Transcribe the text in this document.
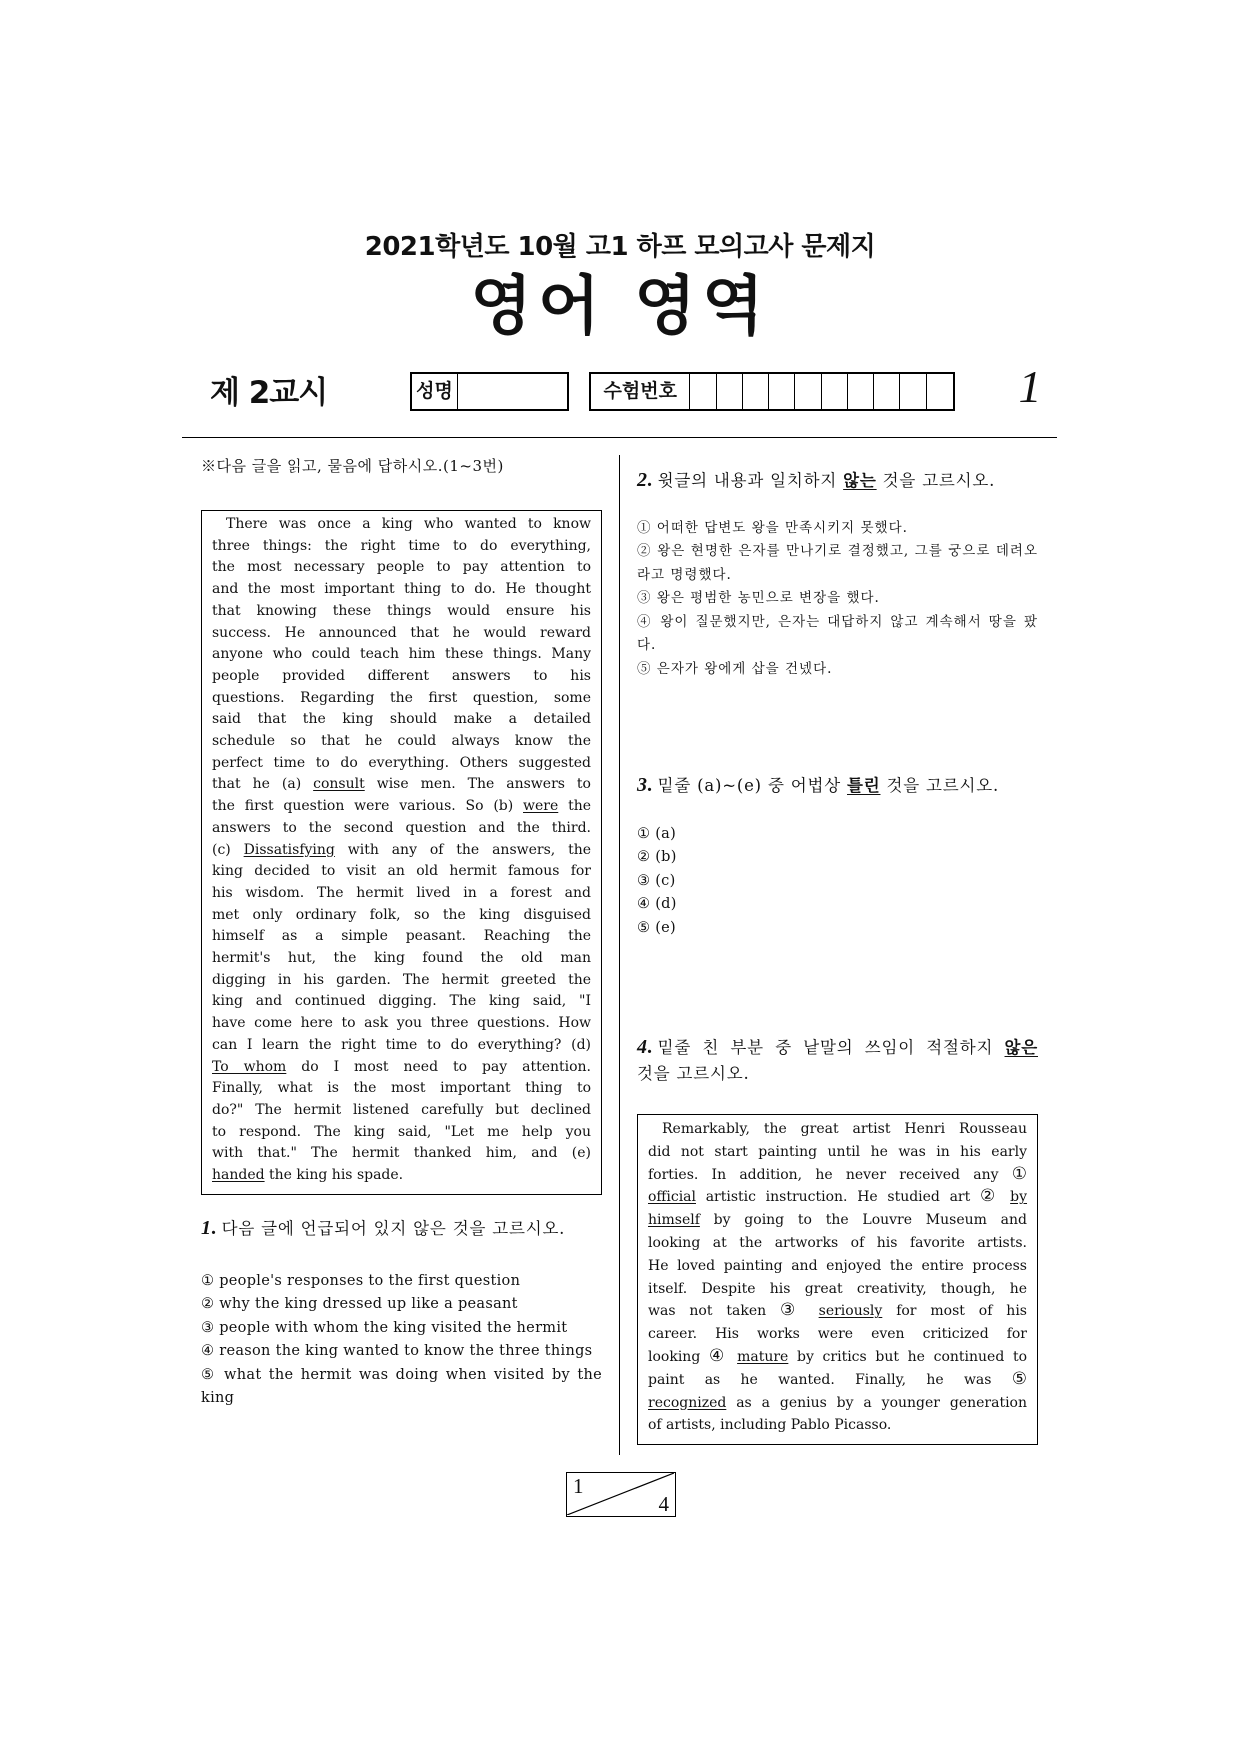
2021학년도 10월 고1 하프 모의고사 문제지
영어 영역
제 2교시	성명	수험번호	1
※다음 글을 읽고, 물음에 답하시오.(1~3번)
There was once a king who wanted to know
three things: the right time to do everything,
the most necessary people to pay attention to
and the most important thing to do. He thought
that knowing these things would ensure his
success. He announced that he would reward
anyone who could teach him these things. Many
people provided different answers to his
questions. Regarding the first question, some
said that the king should make a detailed
schedule so that he could always know the
perfect time to do everything. Others suggested
that he (a) consult wise men. The answers to
the first question were various. So (b) were the
answers to the second question and the third.
(c) Dissatisfying with any of the answers, the
king decided to visit an old hermit famous for
his wisdom. The hermit lived in a forest and
met only ordinary folk, so the king disguised
himself as a simple peasant. Reaching the
hermit's hut, the king found the old man
digging in his garden. The hermit greeted the
king and continued digging. The king said, "I
have come here to ask you three questions. How
can I learn the right time to do everything? (d)
To whom do I most need to pay attention.
Finally, what is the most important thing to
do?" The hermit listened carefully but declined
to respond. The king said, "Let me help you
with that." The hermit thanked him, and (e)
handed the king his spade.
1. 다음 글에 언급되어 있지 않은 것을 고르시오.
① people's responses to the first question
② why the king dressed up like a peasant
③ people with whom the king visited the hermit
④ reason the king wanted to know the three things
⑤ what the hermit was doing when visited by the king
2. 윗글의 내용과 일치하지 않는 것을 고르시오.
① 어떠한 답변도 왕을 만족시키지 못했다.
② 왕은 현명한 은자를 만나기로 결정했고, 그를 궁으로 데려오라고 명령했다.
③ 왕은 평범한 농민으로 변장을 했다.
④ 왕이 질문했지만, 은자는 대답하지 않고 계속해서 땅을 팠다.
⑤ 은자가 왕에게 삽을 건넸다.
3. 밑줄 (a)~(e) 중 어법상 틀린 것을 고르시오.
① (a)
② (b)
③ (c)
④ (d)
⑤ (e)
4. 밑줄 친 부분 중 낱말의 쓰임이 적절하지 않은
것을 고르시오.
Remarkably, the great artist Henri Rousseau
did not start painting until he was in his early
forties. In addition, he never received any ①
official artistic instruction. He studied art ② by
himself by going to the Louvre Museum and
looking at the artworks of his favorite artists.
He loved painting and enjoyed the entire process
itself. Despite his great creativity, though, he
was not taken ③ seriously for most of his
career. His works were even criticized for
looking ④ mature by critics but he continued to
paint as he wanted. Finally, he was ⑤
recognized as a genius by a younger generation
of artists, including Pablo Picasso.
1
4
